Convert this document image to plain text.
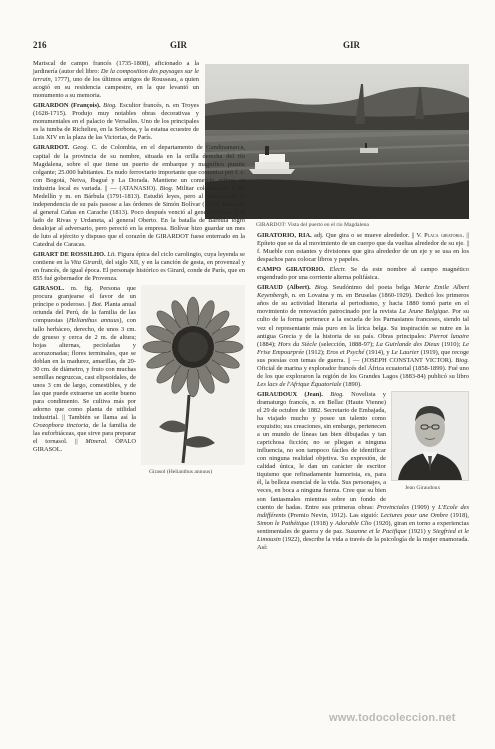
216	GIR	GIR
GIRARDOT: Vista del puerto en el río Magdalena

Mariscal de campo francés (1735-1808), aficionado a la jardinería (autor del libro: De la composition des paysages sur le terrain, 1777), uno de los últimos amigos de Rousseau, a quien acogió en su residencia campestre, en la que levantó un monumento a su memoria.

GIRARDON (François). Biog. Escultor francés, n. en Troyes (1628-1715). Produjo muy notables obras decorativas y monumentales en el palacio de Versalles. Uno de los principales es la tumba de Richelieu, en la Sorbona, y la estatua ecuestre de Luis XIV en la plaza de las Victorias, de París.

GIRARDOT. Geog. C. de Colombia, en el departamento de Cundinamarca, capital de la provincia de su nombre, situada en la orilla derecha del río Magdalena, sobre el que tiene un puerto de embarque y magnífico puente colgante; 25.000 habitantes. Es nudo ferroviario importante que comunica por f. c. con Bogotá, Neiva, Ibagué y La Dorada. Mantiene un comercio activo; su industria local es variada. || — (ATANASIO). Biog. Militar colombiano, n. en Medellín y m. en Bárbula (1791-1813). Estudió leyes, pero al proclamarse la independencia de su país pasose a las órdenes de Simón Bolívar (1810), batiendo al general Cañas en Carache (1813). Poco después venció al general Tízcar y, al lado de Rivas y Urdaneta, al general Oberto. En la batalla de Bárbula logró desalojar al adversario, pero pereció en la empresa. Bolívar hizo guardar un mes de luto al ejército y dispuso que el corazón de GIRARDOT fuese enterrado en la Catedral de Caracas.

GIRART DE ROSSILHO. Lit. Figura épica del ciclo carolingio, cuya leyenda se contiene en la Vita Girardi, del siglo XII, y en la canción de gesta, en provenzal y en francés, de igual época. El personaje histórico es Girard, conde de París, que en 855 fué gobernador de Provenza.

Girasol (Helianthus annuus)

GIRASOL. m. fig. Persona que procura granjearse el favor de un príncipe o poderoso. || Bot. Planta anual oriunda del Perú, de la familia de las compuestas (Helianthus annuus), con tallo herbáceo, derecho, de unos 3 cm. de grueso y cerca de 2 m. de altura; hojas alternas, pecioladas y acorazonadas; flores terminales, que se doblan en la madurez, amarillas, de 20-30 cm. de diámetro, y fruto con muchas semillas negruzcas, casi elipsoidales, de unos 3 cm de largo, comestibles, y de las que puede extraerse un aceite bueno para condimento. Se cultiva más por adorno que como planta de utilidad industrial. || También se llama así la Crozophora tinctoria, de la familia de las euforbiáceas, que sirve para preparar el tornasol. || Mineral. ÓPALO GIRASOL.

GIRATORIO, RIA. adj. Que gira o se mueve alrededor. || V. Placa giratoria. || Epíteto que se da al movimiento de un cuerpo que da vueltas alrededor de su eje. || f. Mueble con estantes y divisiones que gira alrededor de un eje y se usa en los despachos para colocar libros y papeles.

CAMPO GIRATORIO. Electr. Se da este nombre al campo magnético engendrado por una corriente alterna polifásica.

GIRAUD (Albert). Biog. Seudónimo del poeta belga Marie Emile Albert Keyenbergh, n. en Lovaina y m. en Bruselas (1860-1929). Dedicó los primeros años de su actividad literaria al periodismo, y hacia 1880 tomó parte en el movimiento de renovación patrocinado por la revista La Jeune Belgique. Por su culto de la forma pertenece a la escuela de los Parnasianos franceses, siendo tal vez el representante más puro en la lírica belga. Su inspiración se nutre en la antigua Grecia y de la historia de su país. Obras principales: Pierrot lunaire (1884); Hors du Siècle (selección, 1888-97); La Guirlande des Dieux (1910); Le Frise Empourprée (1912); Eros et Psyché (1914), y Le Laurier (1919), que recoge sus poesías con temas de guerra. || — (JOSEPH CONSTANT VICTOR). Biog. Oficial de marina y explorador francés del África ecuatorial (1858-1899). Fué uno de los que exploraron la región de los Grandes Lagos (1883-84) publicó su libro Les lacs de l'Afrique Équatoriale (1890).

Jean Giraudoux

GIRAUDOUX (Jean). Biog. Novelista y dramaturgo francés, n. en Bellac (Haute Vienne) el 29 de octubre de 1882. Secretario de Embajada, ha viajado mucho y posee un talento como exquisito; sus creaciones, sin embargo, pertenecen a un mundo de líneas tan bien dibujadas y tan caprichosa ficción; no se pliegan a ninguna influencia, no son tampoco fáciles de identificar con ninguna realidad objetiva. Su expresión, de calidad única, le dan un carácter de escritor tiquismo que refinadamente humorista, es, para él, la belleza esencial de la vida. Sus personajes, a veces, en boca a ninguna fuerza. Cree que su bien son fantasmales mientras sobre un fondo de cuento de hadas. Entre sus primeras obras: Provinciales (1909) y L'Ecole des indifférents (Premio Nevin, 1912). Las siguió: Lectures pour une Ombre (1918), Simon le Pathétique (1918) y Adorable Clio (1920), giran en torno a experiencias sentimentales de guerra y de paz. Suzanne et le Pacifique (1921) y Siegfried et le Limousin (1922), describe la vida a través de la psicología de la mujer enamorada. Así:

www.todocoleccion.net
